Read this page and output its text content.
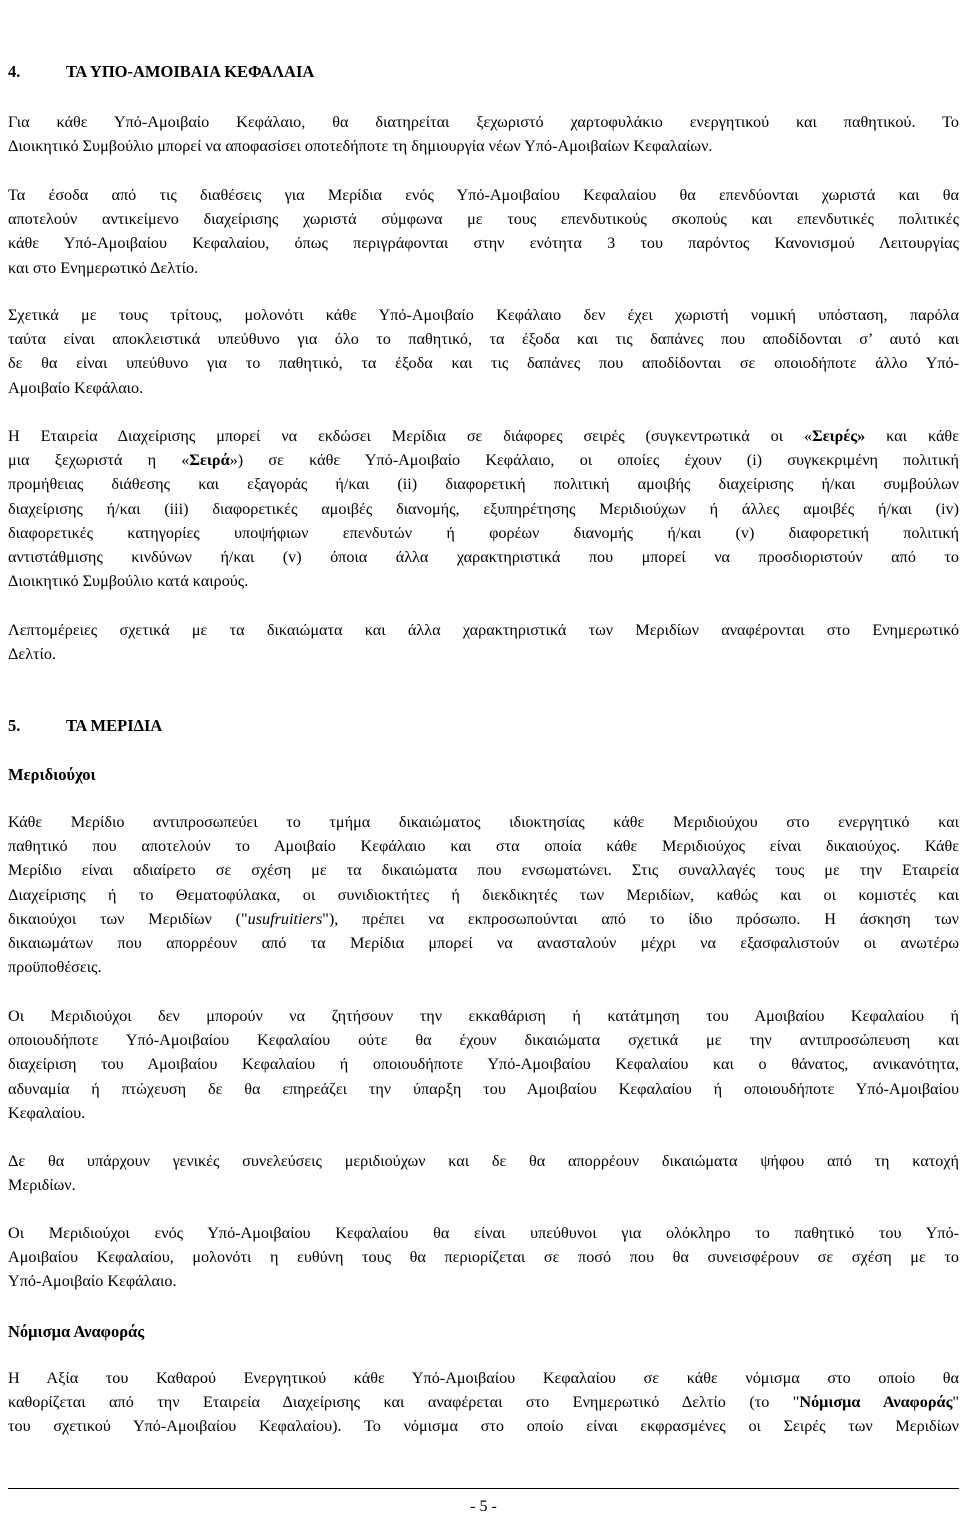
4.	ΤΑ ΥΠΟ-ΑΜΟΙΒΑΙΑ ΚΕΦΑΛΑΙΑ
Για κάθε Υπό-Αμοιβαίο Κεφάλαιο, θα διατηρείται ξεχωριστό χαρτοφυλάκιο ενεργητικού και παθητικού. Το
Διοικητικό Συμβούλιο μπορεί να αποφασίσει οποτεδήποτε τη δημιουργία νέων Υπό-Αμοιβαίων Κεφαλαίων.
Τα έσοδα από τις διαθέσεις για Μερίδια ενός Υπό-Αμοιβαίου Κεφαλαίου θα επενδύονται χωριστά και θα
αποτελούν αντικείμενο διαχείρισης χωριστά σύμφωνα με τους επενδυτικούς σκοπούς και επενδυτικές πολιτικές
κάθε Υπό-Αμοιβαίου Κεφαλαίου, όπως περιγράφονται στην ενότητα 3 του παρόντος Κανονισμού Λειτουργίας
και στο Ενημερωτικό Δελτίο.
Σχετικά με τους τρίτους, μολονότι κάθε Υπό-Αμοιβαίο Κεφάλαιο δεν έχει χωριστή νομική υπόσταση, παρόλα
ταύτα είναι αποκλειστικά υπεύθυνο για όλο το παθητικό, τα έξοδα και τις δαπάνες που αποδίδονται σ’ αυτό και
δε θα είναι υπεύθυνο για το παθητικό, τα έξοδα και τις δαπάνες που αποδίδονται σε οποιοδήποτε άλλο Υπό-
Αμοιβαίο Κεφάλαιο.
Η Εταιρεία Διαχείρισης μπορεί να εκδώσει Μερίδια σε διάφορες σειρές (συγκεντρωτικά οι «Σειρές» και κάθε
μια ξεχωριστά η «Σειρά») σε κάθε Υπό-Αμοιβαίο Κεφάλαιο, οι οποίες έχουν (i) συγκεκριμένη πολιτική
προμήθειας διάθεσης και εξαγοράς ή/και (ii) διαφορετική πολιτική αμοιβής διαχείρισης ή/και συμβούλων
διαχείρισης ή/και (iii) διαφορετικές αμοιβές διανομής, εξυπηρέτησης Μεριδιούχων ή άλλες αμοιβές ή/και (iv)
διαφορετικές κατηγορίες υποψήφιων επενδυτών ή φορέων διανομής ή/και (v) διαφορετική πολιτική
αντιστάθμισης κινδύνων ή/και (v) όποια άλλα χαρακτηριστικά που μπορεί να προσδιοριστούν από το
Διοικητικό Συμβούλιο κατά καιρούς.
Λεπτομέρειες σχετικά με τα δικαιώματα και άλλα χαρακτηριστικά των Μεριδίων αναφέρονται στο Ενημερωτικό
Δελτίο.
5.	ΤΑ ΜΕΡΙΔΙΑ
Μεριδιούχοι
Κάθε Μερίδιο αντιπροσωπεύει το τμήμα δικαιώματος ιδιοκτησίας κάθε Μεριδιούχου στο ενεργητικό και
παθητικό που αποτελούν το Αμοιβαίο Κεφάλαιο και στα οποία κάθε Μεριδιούχος είναι δικαιούχος. Κάθε
Μερίδιο είναι αδιαίρετο σε σχέση με τα δικαιώματα που ενσωματώνει. Στις συναλλαγές τους με την Εταιρεία
Διαχείρισης ή το Θεματοφύλακα, οι συνιδιοκτήτες ή διεκδικητές των Μεριδίων, καθώς και οι κομιστές και
δικαιούχοι των Μεριδίων ("usufruitiers"), πρέπει να εκπροσωπούνται από το ίδιο πρόσωπο. Η άσκηση των
δικαιωμάτων που απορρέουν από τα Μερίδια μπορεί να ανασταλούν μέχρι να εξασφαλιστούν οι ανωτέρω
προϋποθέσεις.
Οι Μεριδιούχοι δεν μπορούν να ζητήσουν την εκκαθάριση ή κατάτμηση του Αμοιβαίου Κεφαλαίου ή
οποιουδήποτε Υπό-Αμοιβαίου Κεφαλαίου ούτε θα έχουν δικαιώματα σχετικά με την αντιπροσώπευση και
διαχείριση του Αμοιβαίου Κεφαλαίου ή οποιουδήποτε Υπό-Αμοιβαίου Κεφαλαίου και ο θάνατος, ανικανότητα,
αδυναμία ή πτώχευση δε θα επηρεάζει την ύπαρξη του Αμοιβαίου Κεφαλαίου ή οποιουδήποτε Υπό-Αμοιβαίου
Κεφαλαίου.
Δε θα υπάρχουν γενικές συνελεύσεις μεριδιούχων και δε θα απορρέουν δικαιώματα ψήφου από τη κατοχή
Μεριδίων.
Οι Μεριδιούχοι ενός Υπό-Αμοιβαίου Κεφαλαίου θα είναι υπεύθυνοι για ολόκληρο το παθητικό του Υπό-
Αμοιβαίου Κεφαλαίου, μολονότι η ευθύνη τους θα περιορίζεται σε ποσό που θα συνεισφέρουν σε σχέση με το
Υπό-Αμοιβαίο Κεφάλαιο.
Νόμισμα Αναφοράς
Η Αξία του Καθαρού Ενεργητικού κάθε Υπό-Αμοιβαίου Κεφαλαίου σε κάθε νόμισμα στο οποίο θα
καθορίζεται από την Εταιρεία Διαχείρισης και αναφέρεται στο Ενημερωτικό Δελτίο (το "Νόμισμα Αναφοράς"
του σχετικού Υπό-Αμοιβαίου Κεφαλαίου). Το νόμισμα στο οποίο είναι εκφρασμένες οι Σειρές των Μεριδίων
- 5 -
